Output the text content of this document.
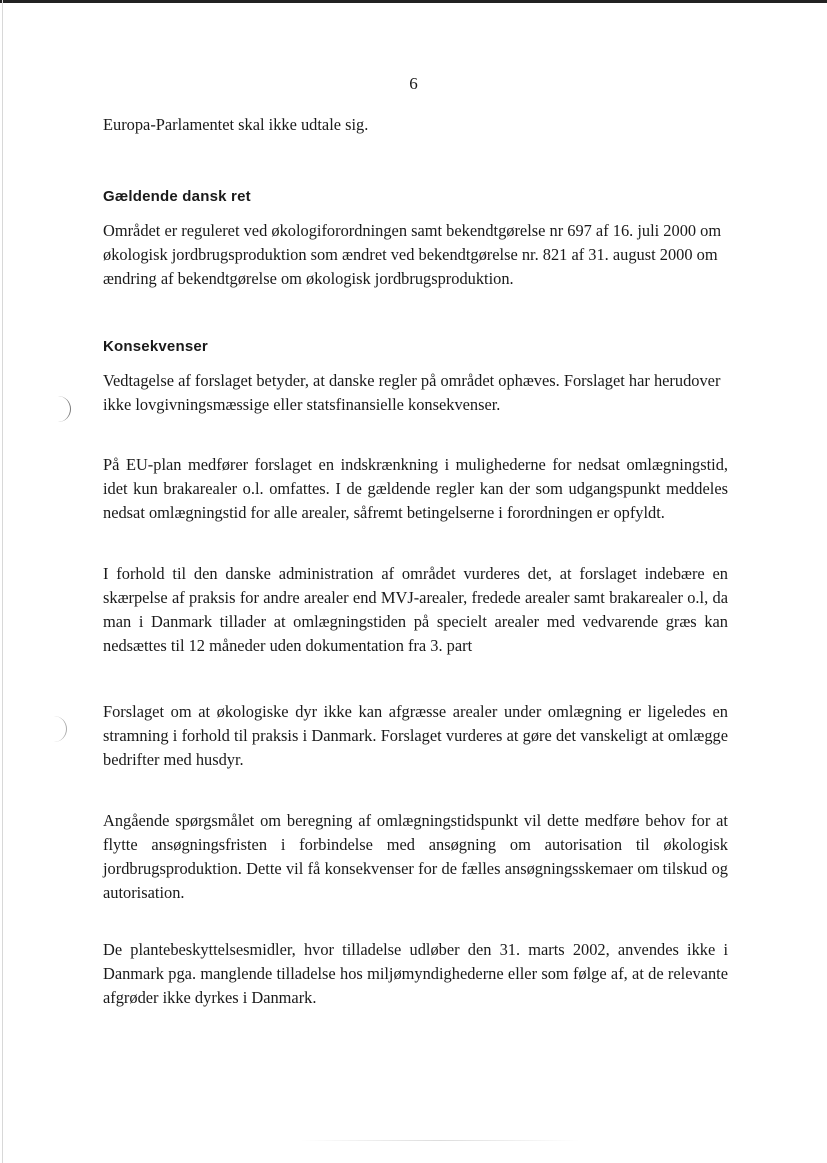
6

Europa-Parlamentet skal ikke udtale sig.

Gældende dansk ret

Området er reguleret ved økologiforordningen samt bekendtgørelse nr 697 af 16. juli 2000 om økologisk jordbrugsproduktion som ændret ved bekendtgørelse nr. 821 af 31. august 2000 om ændring af bekendtgørelse om økologisk jordbrugsproduktion.

Konsekvenser

Vedtagelse af forslaget betyder, at danske regler på området ophæves. Forslaget har herudover ikke lovgivningsmæssige eller statsfinansielle konsekvenser.

På EU-plan medfører forslaget en indskrænkning i mulighederne for nedsat omlægningstid, idet kun brakarealer o.l. omfattes. I de gældende regler kan der som udgangspunkt meddeles nedsat omlægningstid for alle arealer, såfremt betingelserne i forordningen er opfyldt.

I forhold til den danske administration af området vurderes det, at forslaget indebære en skærpelse af praksis for andre arealer end MVJ-arealer, fredede arealer samt brakarealer o.l, da man i Danmark tillader at omlægningstiden på specielt arealer med vedvarende græs kan nedsættes til 12 måneder uden dokumentation fra 3. part

Forslaget om at økologiske dyr ikke kan afgræsse arealer under omlægning er ligeledes en stramning i forhold til praksis i Danmark. Forslaget vurderes at gøre det vanskeligt at omlægge bedrifter med husdyr.

Angående spørgsmålet om beregning af omlægningstidspunkt vil dette medføre behov for at flytte ansøgningsfristen i forbindelse med ansøgning om autorisation til økologisk jordbrugsproduktion. Dette vil få konsekvenser for de fælles ansøgningsskemaer om tilskud og autorisation.

De plantebeskyttelsesmidler, hvor tilladelse udløber den 31. marts 2002, anvendes ikke i Danmark pga. manglende tilladelse hos miljømyndighederne eller som følge af, at de relevante afgrøder ikke dyrkes i Danmark.
